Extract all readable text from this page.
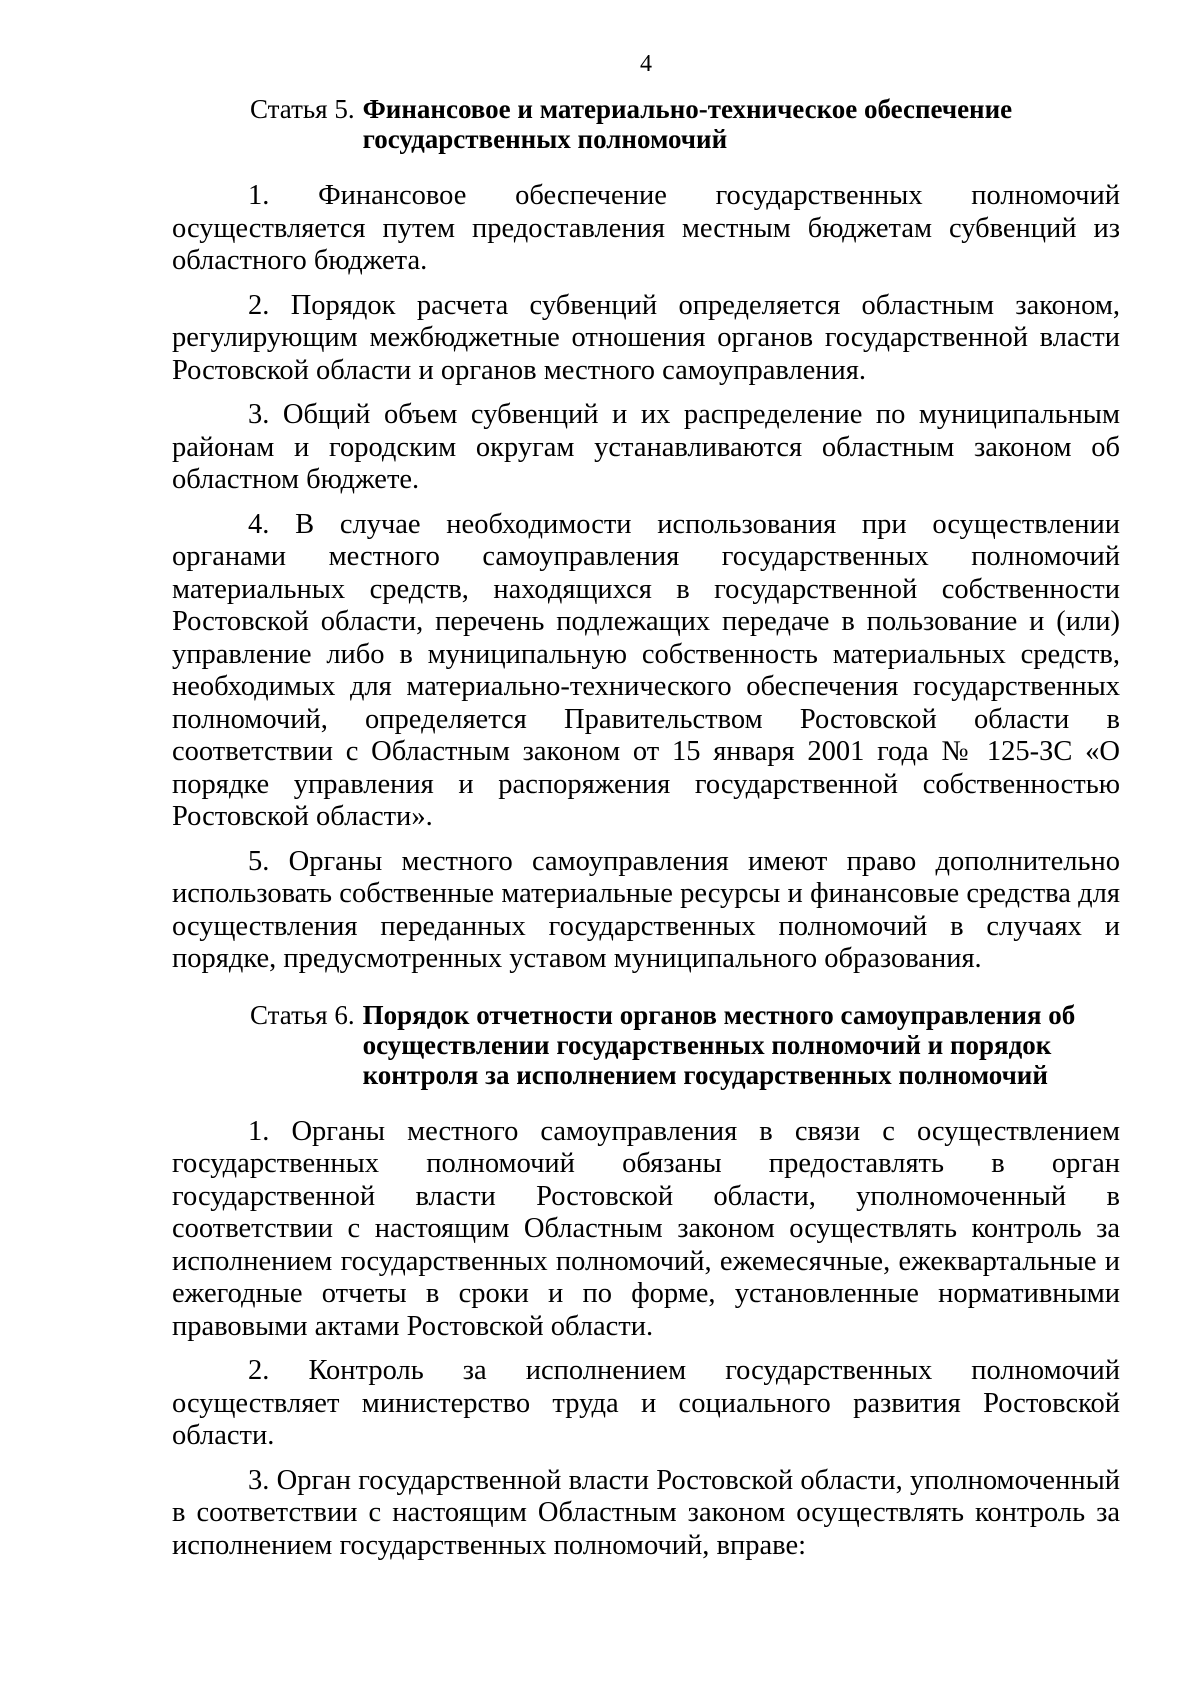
4
Статья 5. Финансовое и материально-техническое обеспечение государственных полномочий

1. Финансовое обеспечение государственных полномочий осуществляется путем предоставления местным бюджетам субвенций из областного бюджета.

2. Порядок расчета субвенций определяется областным законом, регулирующим межбюджетные отношения органов государственной власти Ростовской области и органов местного самоуправления.

3. Общий объем субвенций и их распределение по муниципальным районам и городским округам устанавливаются областным законом об областном бюджете.

4. В случае необходимости использования при осуществлении органами местного самоуправления государственных полномочий материальных средств, находящихся в государственной собственности Ростовской области, перечень подлежащих передаче в пользование и (или) управление либо в муниципальную собственность материальных средств, необходимых для материально-технического обеспечения государственных полномочий, определяется Правительством Ростовской области в соответствии с Областным законом от 15 января 2001 года № 125-ЗС «О порядке управления и распоряжения государственной собственностью Ростовской области».

5. Органы местного самоуправления имеют право дополнительно использовать собственные материальные ресурсы и финансовые средства для осуществления переданных государственных полномочий в случаях и порядке, предусмотренных уставом муниципального образования.

Статья 6. Порядок отчетности органов местного самоуправления об осуществлении государственных полномочий и порядок контроля за исполнением государственных полномочий

1. Органы местного самоуправления в связи с осуществлением государственных полномочий обязаны предоставлять в орган государственной власти Ростовской области, уполномоченный в соответствии с настоящим Областным законом осуществлять контроль за исполнением государственных полномочий, ежемесячные, ежеквартальные и ежегодные отчеты в сроки и по форме, установленные нормативными правовыми актами Ростовской области.

2. Контроль за исполнением государственных полномочий осуществляет министерство труда и социального развития Ростовской области.

3. Орган государственной власти Ростовской области, уполномоченный в соответствии с настоящим Областным законом осуществлять контроль за исполнением государственных полномочий, вправе:
